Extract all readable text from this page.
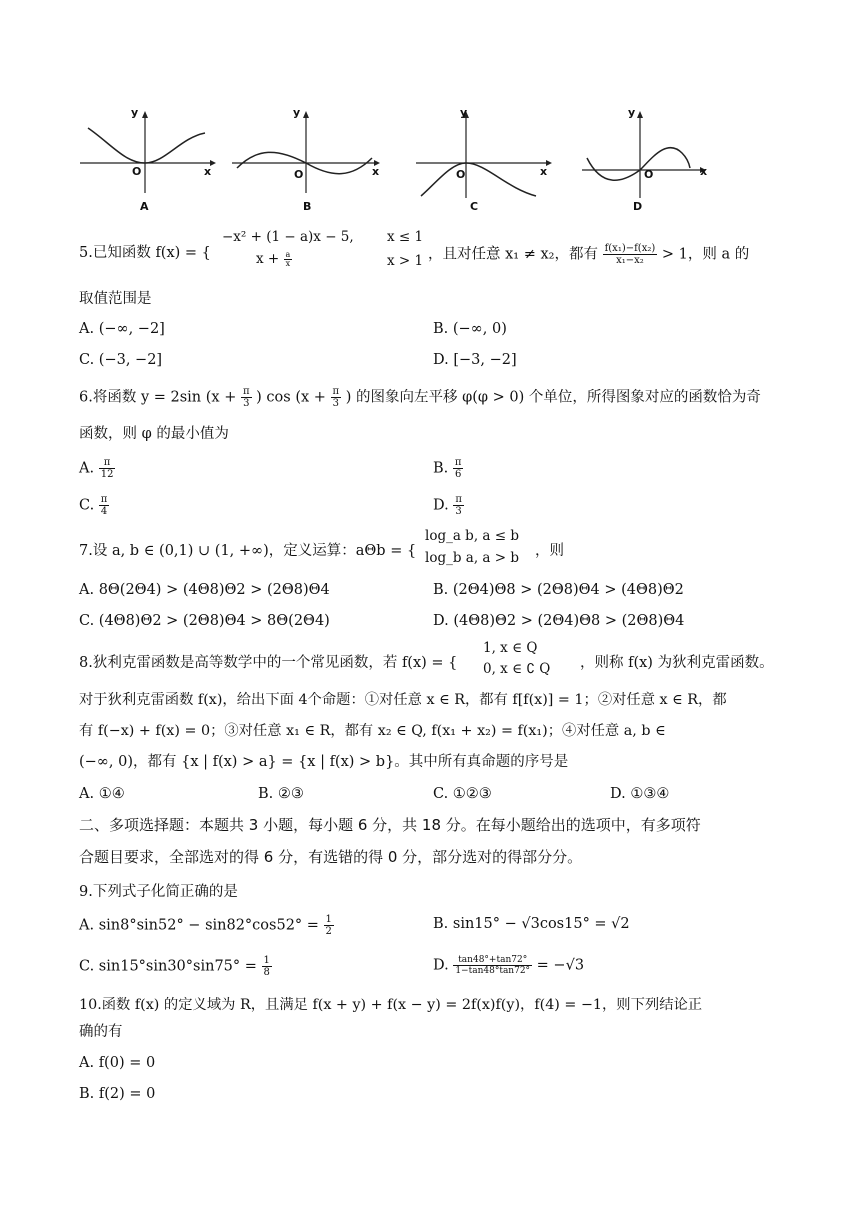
y
x
O
A
y
x
O
B
y
x
O
C
y
x
O
D
5.已知函数 f(x) = {
−x² + (1 − a)x − 5, x ≤ 1
$x + \frac{a}{x}$	x > 1 ，且对任意 x₁ ≠ x₂，都有 $\frac{\text{f(x₁)−f(x₂)}}{\text{x₁−x₂}} > 1$，则 a 的
取值范围是
A. (−∞, −2]	B. (−∞, 0)
C. (−3, −2]	D. [−3, −2]
6.将函数 y = 2sin ($x + \frac{\pi}{3}$ ) $\cos (x + \frac{\pi}{3}$ ) 的图象向左平移 φ(φ > 0) 个单位，所得图象对应的函数恰为奇
函数，则 φ 的最小值为
A. $\frac{\pi}{12}$	B. $\frac{\pi}{6}$
C. $\frac{\pi}{4}$	D. $\frac{\pi}{3}$
7.设 a, b ∈ (0,1) ∪ (1, +∞)，定义运算：aΘb = {
log_a b, a ≤ b
log_b a, a > b ，则
A. 8Θ(2Θ4) > (4Θ8)Θ2 > (2Θ8)Θ4	B. (2Θ4)Θ8 > (2Θ8)Θ4 > (4Θ8)Θ2
C. (4Θ8)Θ2 > (2Θ8)Θ4 > 8Θ(2Θ4)	D. (4Θ8)Θ2 > (2Θ4)Θ8 > (2Θ8)Θ4
8.狄利克雷函数是高等数学中的一个常见函数，若 f(x) = {
1, x ∈ Q
0, x ∈ ∁ Q ，则称 f(x) 为狄利克雷函数。
对于狄利克雷函数 f(x)，给出下面 4个命题：①对任意 x ∈ R，都有 f[f(x)] = 1；②对任意 x ∈ R，都
有 f(−x) + f(x) = 0；③对任意 x₁ ∈ R，都有 x₂ ∈ Q, f(x₁ + x₂) = f(x₁)；④对任意 a, b ∈
(−∞, 0)，都有 {x | f(x) > a} = {x | f(x) > b}。其中所有真命题的序号是
A. ①④	B. ②③	C. ①②③	D. ①③④
二、多项选择题：本题共 3 小题，每小题 6 分，共 18 分。在每小题给出的选项中，有多项符
合题目要求，全部选对的得 6 分，有选错的得 0 分，部分选对的得部分分。
9.下列式子化简正确的是
A. $\sin 8^\circ\sin 52^\circ - \sin 82^\circ\cos 52^\circ = \frac{1}{2}$	B. sin15° − √3cos15° = √2
C. $\sin 15^\circ\sin 30^\circ\sin 75^\circ = \frac{1}{8}$	D. $\frac{\tan 48^\circ+\tan 72^\circ}{1-\tan 48^\circ\tan 72^\circ} = -√3$
10.函数 f(x) 的定义域为 R，且满足 f(x + y) + f(x − y) = 2f(x)f(y)，f(4) = −1，则下列结论正
确的有
A. f(0) = 0
B. f(2) = 0
